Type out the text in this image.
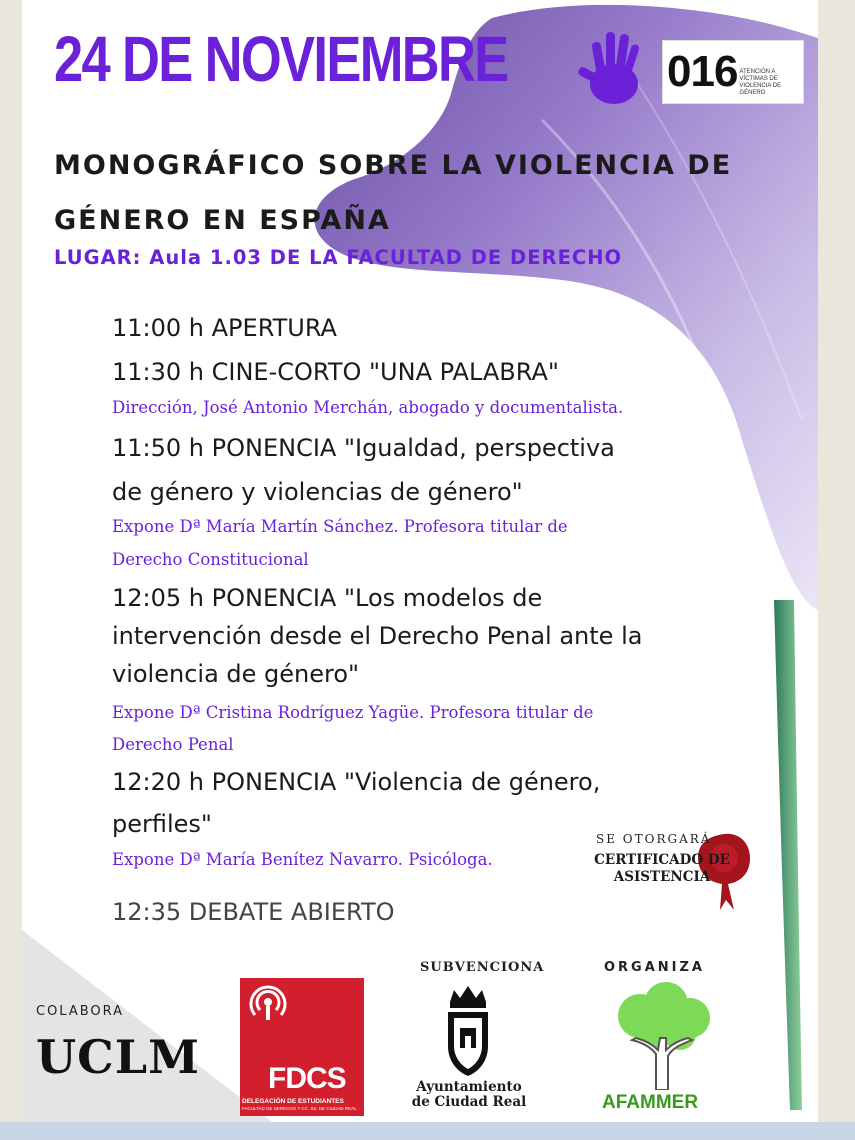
24 DE NOVIEMBRE	016 ATENCIÓN A VÍCTIMAS DE VIOLENCIA DE GÉNERO
MONOGRÁFICO SOBRE LA VIOLENCIA DE
GÉNERO EN ESPAÑA
LUGAR: Aula 1.03 DE LA FACULTAD DE DERECHO
11:00 h APERTURA
11:30 h CINE-CORTO "UNA PALABRA"
Dirección, José Antonio Merchán, abogado y documentalista.
11:50 h PONENCIA "Igualdad, perspectiva
de género y violencias de género"
Expone Dª María Martín Sánchez. Profesora titular de
Derecho Constitucional
12:05 h PONENCIA "Los modelos de
intervención desde el Derecho Penal ante la
violencia de género"
Expone Dª Cristina Rodríguez Yagüe. Profesora titular de
Derecho Penal
12:20 h PONENCIA "Violencia de género,
perfiles"
Expone Dª María Benítez Navarro. Psicóloga.
SE OTORGARÁ
CERTIFICADO DE
ASISTENCIA
12:35 DEBATE ABIERTO
COLABORA
UCLM FDCS
DELEGACIÓN DE ESTUDIANTES
FACULTAD DE DERECHO Y CC. SS. DE CIUDAD REAL
SUBVENCIONA
Ayuntamiento
de Ciudad Real
ORGANIZA
AFAMMER
